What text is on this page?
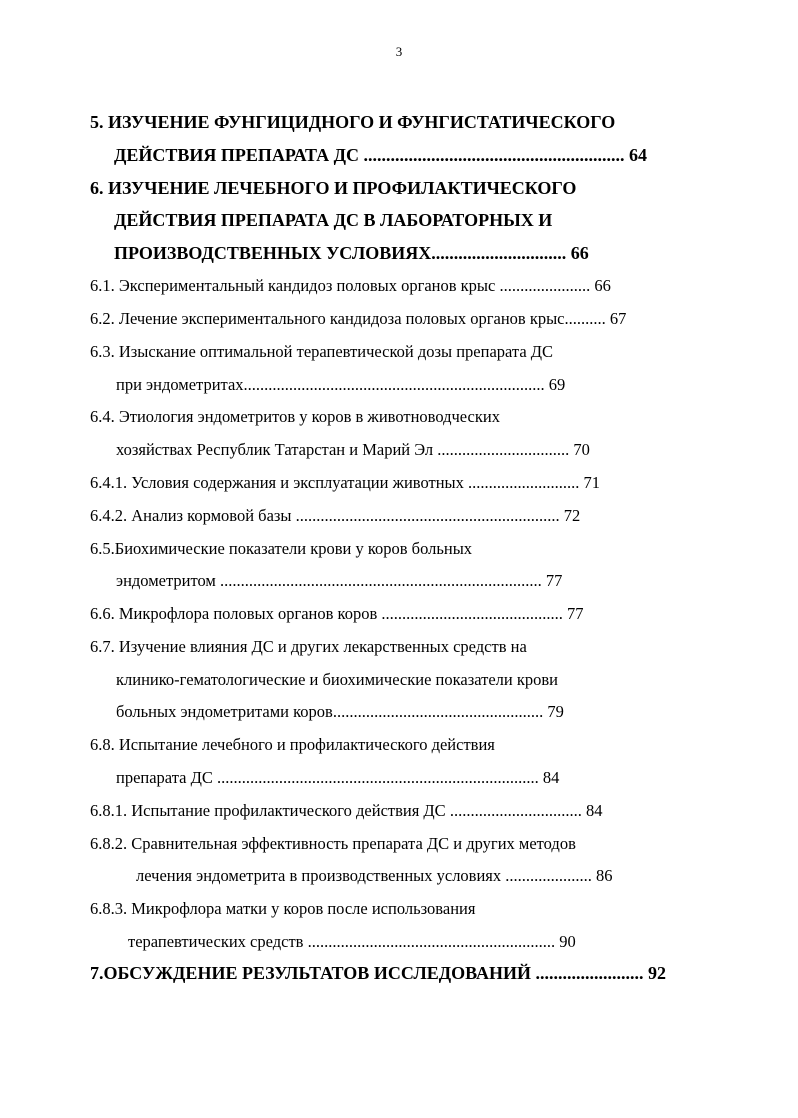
3
5. ИЗУЧЕНИЕ ФУНГИЦИДНОГО И ФУНГИСТАТИЧЕСКОГО
ДЕЙСТВИЯ ПРЕПАРАТА ДС .......................................................... 64
6. ИЗУЧЕНИЕ ЛЕЧЕБНОГО И ПРОФИЛАКТИЧЕСКОГО
ДЕЙСТВИЯ ПРЕПАРАТА ДС В ЛАБОРАТОРНЫХ И
ПРОИЗВОДСТВЕННЫХ УСЛОВИЯХ.............................. 66
6.1. Экспериментальный кандидоз половых органов крыс ...................... 66
6.2. Лечение экспериментального кандидоза половых органов крыс.......... 67
6.3. Изыскание оптимальной терапевтической дозы препарата ДС
при эндометритах......................................................................... 69
6.4. Этиология эндометритов у коров в животноводческих
хозяйствах Республик Татарстан и Марий Эл ................................ 70
6.4.1. Условия содержания и эксплуатации животных ........................... 71
6.4.2. Анализ кормовой базы ................................................................ 72
6.5.Биохимические показатели крови у коров больных
эндометритом .............................................................................. 77
6.6. Микрофлора половых органов коров ............................................ 77
6.7. Изучение влияния ДС и других лекарственных средств на
клинико-гематологические и биохимические показатели крови
больных эндометритами коров................................................... 79
6.8. Испытание лечебного и профилактического действия
препарата ДС .............................................................................. 84
6.8.1. Испытание профилактического действия ДС ................................ 84
6.8.2. Сравнительная эффективность препарата ДС и других методов
лечения эндометрита в производственных условиях ..................... 86
6.8.3. Микрофлора матки у коров после использования
терапевтических средств ............................................................ 90
7.ОБСУЖДЕНИЕ РЕЗУЛЬТАТОВ ИССЛЕДОВАНИЙ ........................ 92
